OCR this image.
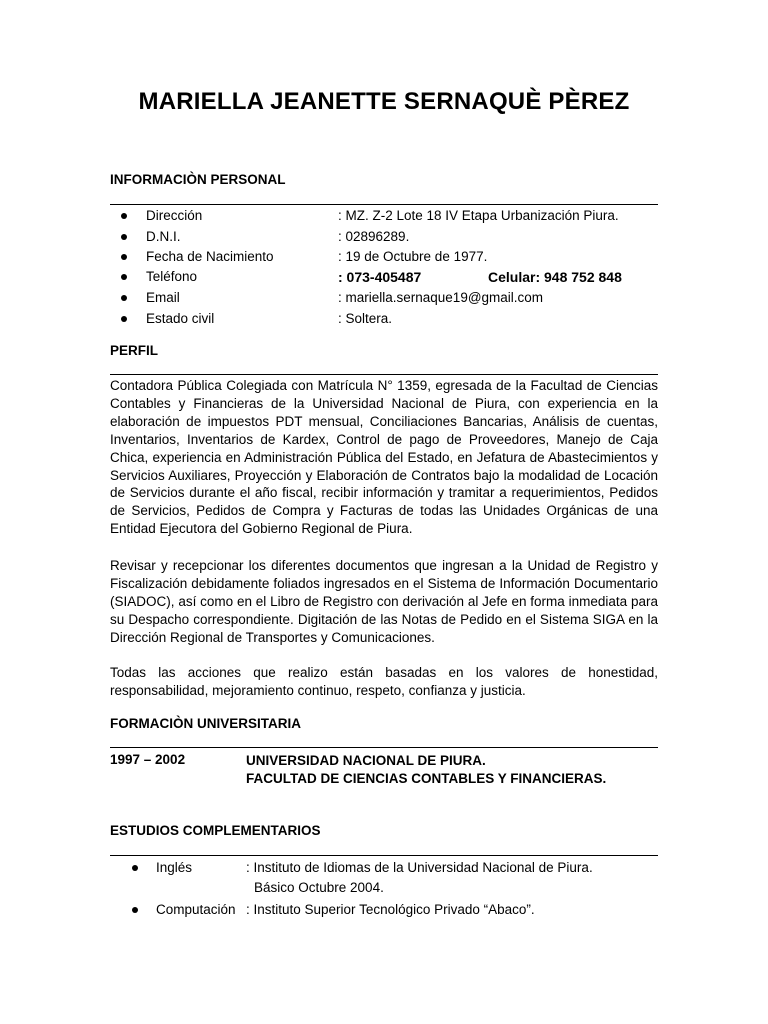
MARIELLA JEANETTE SERNAQUÈ PÈREZ
INFORMACIÒN PERSONAL
Dirección	: MZ. Z-2 Lote 18 IV Etapa Urbanización Piura.
D.N.I.	: 02896289.
Fecha de Nacimiento	: 19 de Octubre de 1977.
Teléfono	: 073-405487	Celular: 948 752 848
Email	: mariella.sernaque19@gmail.com
Estado civil	: Soltera.
PERFIL

Contadora Pública Colegiada con Matrícula N° 1359, egresada de la Facultad de Ciencias Contables y Financieras de la Universidad Nacional de Piura, con experiencia en la elaboración de impuestos PDT mensual, Conciliaciones Bancarias, Análisis de cuentas, Inventarios, Inventarios de Kardex, Control de pago de Proveedores, Manejo de Caja Chica, experiencia en Administración Pública del Estado, en Jefatura de Abastecimientos y Servicios Auxiliares, Proyección y Elaboración de Contratos bajo la modalidad de Locación de Servicios durante el año fiscal, recibir información y tramitar a requerimientos, Pedidos de Servicios, Pedidos de Compra y Facturas de todas las Unidades Orgánicas de una Entidad Ejecutora del Gobierno Regional de Piura.

Revisar y recepcionar los diferentes documentos que ingresan a la Unidad de Registro y Fiscalización debidamente foliados ingresados en el Sistema de Información Documentario (SIADOC), así como en el Libro de Registro con derivación al Jefe en forma inmediata para su Despacho correspondiente. Digitación de las Notas de Pedido en el Sistema SIGA en la Dirección Regional de Transportes y Comunicaciones.

Todas las acciones que realizo están basadas en los valores de honestidad, responsabilidad, mejoramiento continuo, respeto, confianza y justicia.

FORMACIÒN UNIVERSITARIA
1997 – 2002	UNIVERSIDAD NACIONAL DE PIURA.
FACULTAD DE CIENCIAS CONTABLES Y FINANCIERAS.
ESTUDIOS COMPLEMENTARIOS
Inglés	: Instituto de Idiomas de la Universidad Nacional de Piura.
Básico Octubre 2004.
Computación : Instituto Superior Tecnológico Privado “Abaco”.
